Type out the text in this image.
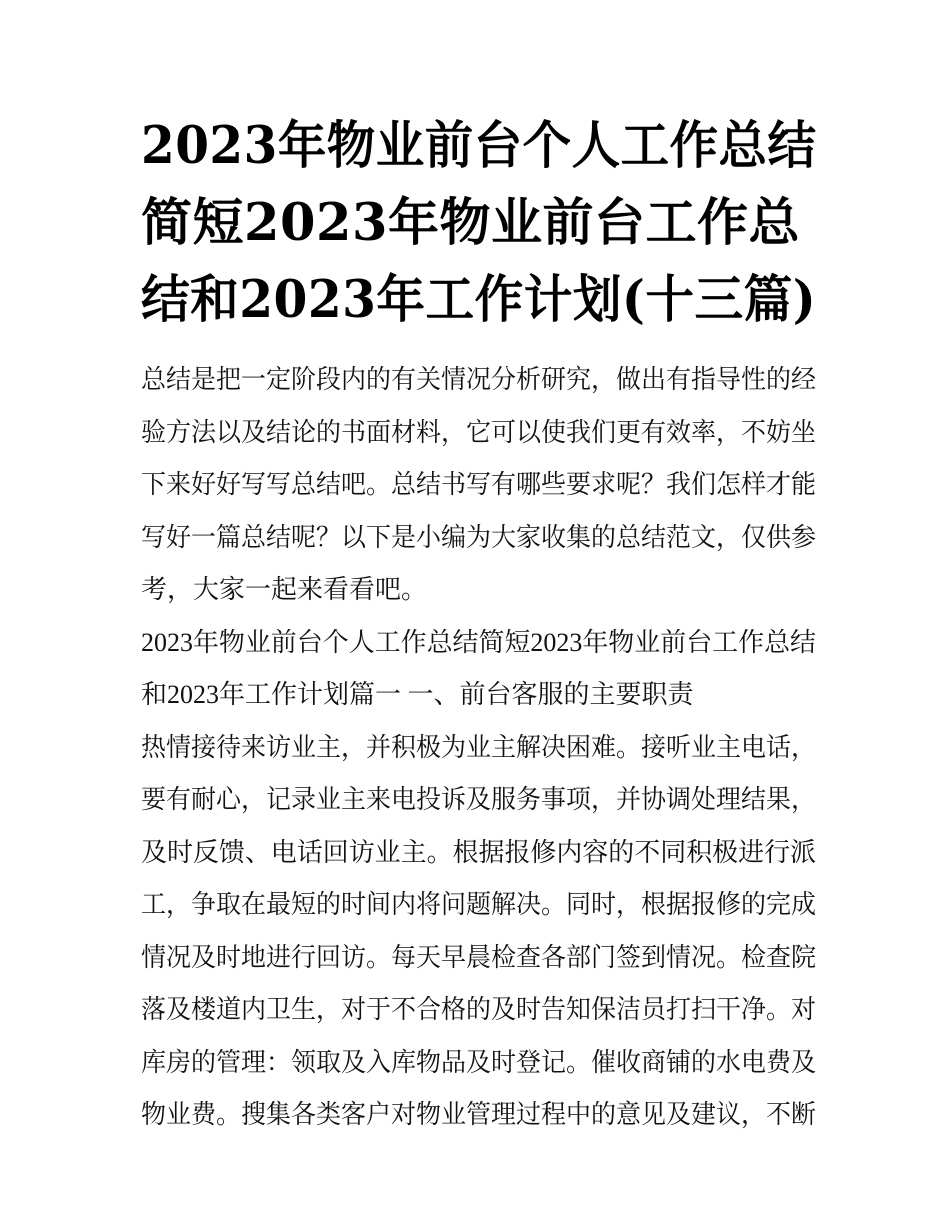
2023年物业前台个人工作总结
简短2023年物业前台工作总
结和2023年工作计划(十三篇)
总结是把一定阶段内的有关情况分析研究，做出有指导性的经
验方法以及结论的书面材料，它可以使我们更有效率，不妨坐
下来好好写写总结吧。总结书写有哪些要求呢？我们怎样才能
写好一篇总结呢？以下是小编为大家收集的总结范文，仅供参
考，大家一起来看看吧。
2023年物业前台个人工作总结简短2023年物业前台工作总结
和2023年工作计划篇一 一、前台客服的主要职责
热情接待来访业主，并积极为业主解决困难。接听业主电话，
要有耐心，记录业主来电投诉及服务事项，并协调处理结果，
及时反馈、电话回访业主。根据报修内容的不同积极进行派
工，争取在最短的时间内将问题解决。同时，根据报修的完成
情况及时地进行回访。每天早晨检查各部门签到情况。检查院
落及楼道内卫生，对于不合格的及时告知保洁员打扫干净。对
库房的管理：领取及入库物品及时登记。催收商铺的水电费及
物业费。搜集各类客户对物业管理过程中的意见及建议，不断
